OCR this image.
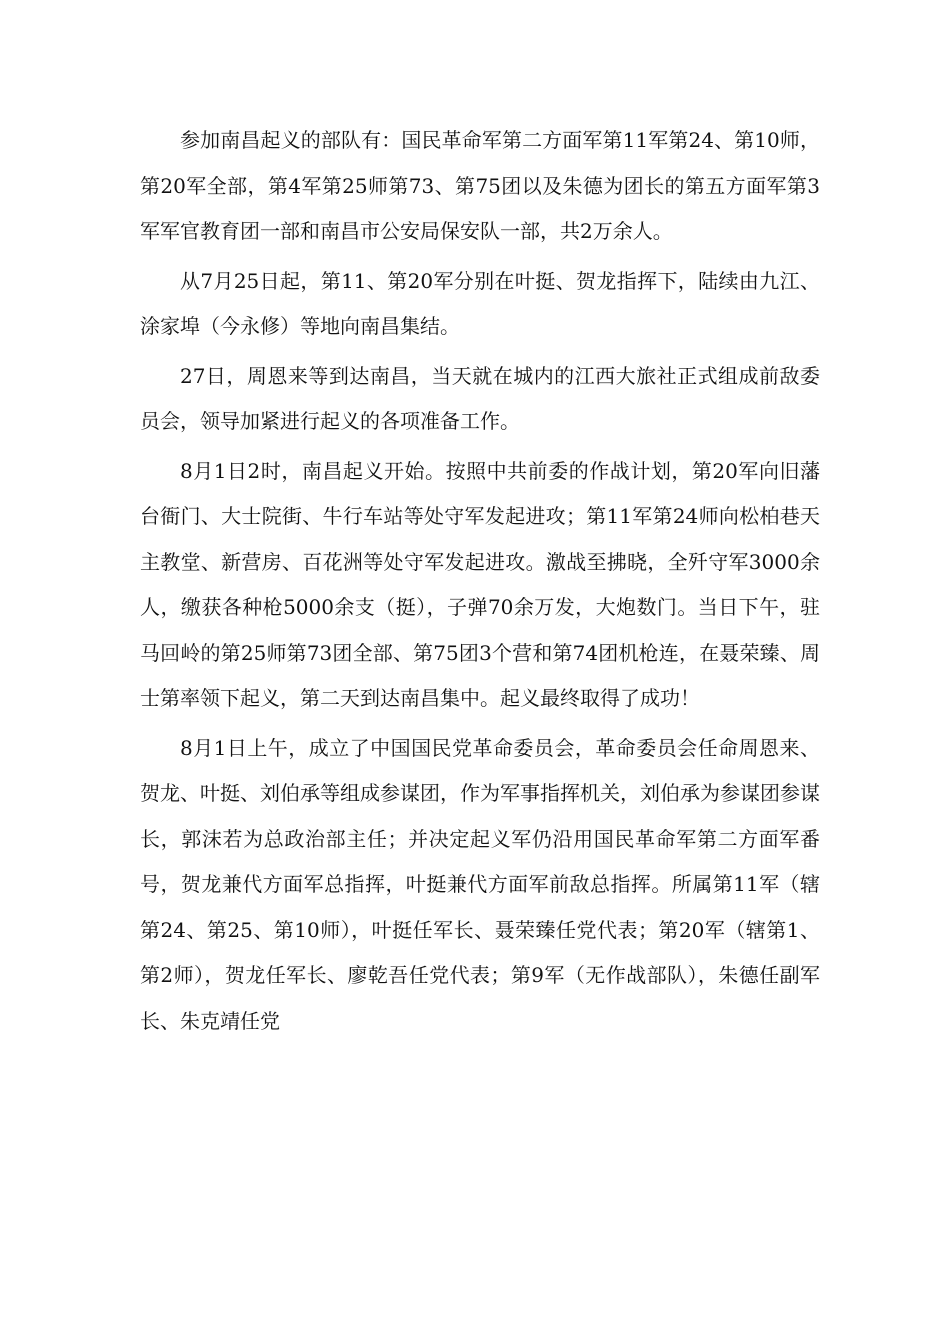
参加南昌起义的部队有：国民革命军第二方面军第11军第24、第10师，第20军全部，第4军第25师第73、第75团以及朱德为团长的第五方面军第3军军官教育团一部和南昌市公安局保安队一部，共2万余人。

从7月25日起，第11、第20军分别在叶挺、贺龙指挥下，陆续由九江、涂家埠（今永修）等地向南昌集结。

27日，周恩来等到达南昌，当天就在城内的江西大旅社正式组成前敌委员会，领导加紧进行起义的各项准备工作。

8月1日2时，南昌起义开始。按照中共前委的作战计划，第20军向旧藩台衙门、大士院街、牛行车站等处守军发起进攻；第11军第24师向松柏巷天主教堂、新营房、百花洲等处守军发起进攻。激战至拂晓，全歼守军3000余人，缴获各种枪5000余支（挺），子弹70余万发，大炮数门。当日下午，驻马回岭的第25师第73团全部、第75团3个营和第74团机枪连，在聂荣臻、周士第率领下起义，第二天到达南昌集中。起义最终取得了成功！

8月1日上午，成立了中国国民党革命委员会，革命委员会任命周恩来、贺龙、叶挺、刘伯承等组成参谋团，作为军事指挥机关，刘伯承为参谋团参谋长，郭沫若为总政治部主任；并决定起义军仍沿用国民革命军第二方面军番号，贺龙兼代方面军总指挥，叶挺兼代方面军前敌总指挥。所属第11军（辖第24、第25、第10师），叶挺任军长、聂荣臻任党代表；第20军（辖第1、第2师），贺龙任军长、廖乾吾任党代表；第9军（无作战部队），朱德任副军长、朱克靖任党
